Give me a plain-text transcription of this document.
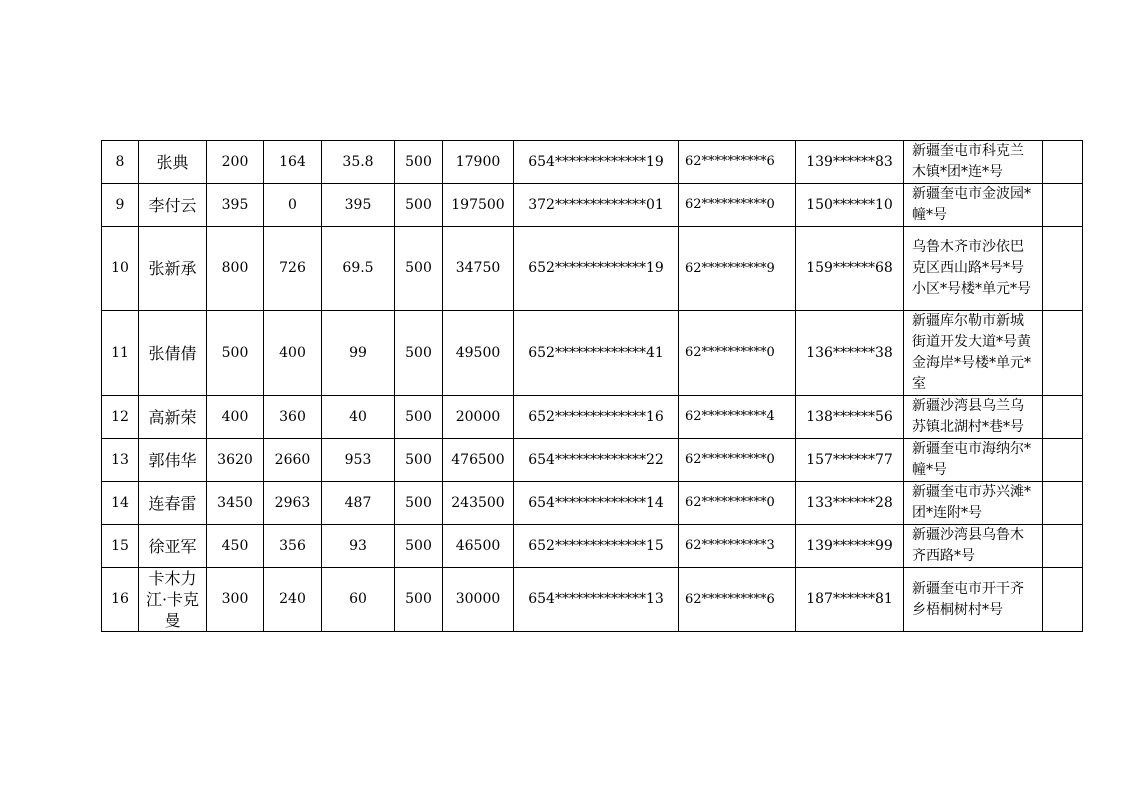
8	张典	200	164	35.8	500	17900	654*************19	62**********6	139******83	新疆奎屯市科克兰木镇*团*连*号	
9	李付云	395	0	395	500	197500	372*************01	62**********0	150******10	新疆奎屯市金波园*幢*号	
10	张新承	800	726	69.5	500	34750	652*************19	62**********9	159******68	乌鲁木齐市沙依巴克区西山路*号*号小区*号楼*单元*号	
11	张倩倩	500	400	99	500	49500	652*************41	62**********0	136******38	新疆库尔勒市新城街道开发大道*号黄金海岸*号楼*单元*室	
12	高新荣	400	360	40	500	20000	652*************16	62**********4	138******56	新疆沙湾县乌兰乌苏镇北湖村*巷*号	
13	郭伟华	3620	2660	953	500	476500	654*************22	62**********0	157******77	新疆奎屯市海纳尔*幢*号	
14	连春雷	3450	2963	487	500	243500	654*************14	62**********0	133******28	新疆奎屯市苏兴滩*团*连附*号	
15	徐亚军	450	356	93	500	46500	652*************15	62**********3	139******99	新疆沙湾县乌鲁木齐西路*号	
16	卡木力江·卡克曼	300	240	60	500	30000	654*************13	62**********6	187******81	新疆奎屯市开干齐乡梧桐树村*号	
